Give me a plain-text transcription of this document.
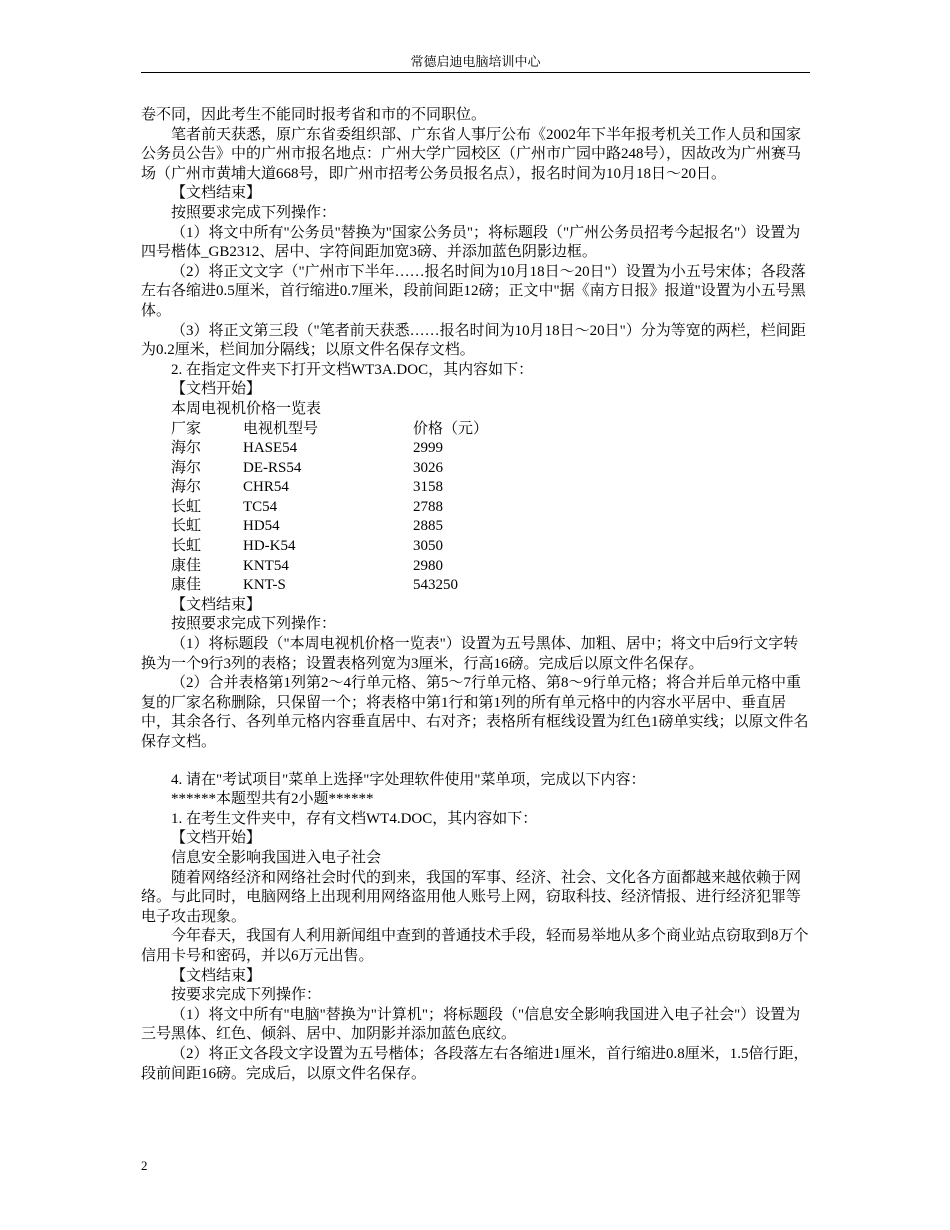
常德启迪电脑培训中心

卷不同，因此考生不能同时报考省和市的不同职位。

笔者前天获悉，原广东省委组织部、广东省人事厅公布《2002年下半年报考机关工作人员和国家公务员公告》中的广州市报名地点：广州大学广园校区（广州市广园中路248号），因故改为广州赛马场（广州市黄埔大道668号，即广州市招考公务员报名点），报名时间为10月18日～20日。

【文档结束】

按照要求完成下列操作：

（1）将文中所有"公务员"替换为"国家公务员"；将标题段（"广州公务员招考今起报名"）设置为四号楷体_GB2312、居中、字符间距加宽3磅、并添加蓝色阴影边框。

（2）将正文文字（"广州市下半年……报名时间为10月18日～20日"）设置为小五号宋体；各段落左右各缩进0.5厘米，首行缩进0.7厘米，段前间距12磅；正文中"据《南方日报》报道"设置为小五号黑体。

（3）将正文第三段（"笔者前天获悉……报名时间为10月18日～20日"）分为等宽的两栏，栏间距为0.2厘米，栏间加分隔线；以原文件名保存文档。

2. 在指定文件夹下打开文档WT3A.DOC，其内容如下：

【文档开始】

本周电视机价格一览表

厂家	电视机型号	价格（元）
海尔	HASE54	2999
海尔	DE-RS54	3026
海尔	CHR54	3158
长虹	TC54	2788
长虹	HD54	2885
长虹	HD-K54	3050
康佳	KNT54	2980
康佳	KNT-S	543250

【文档结束】

按照要求完成下列操作：

（1）将标题段（"本周电视机价格一览表"）设置为五号黑体、加粗、居中；将文中后9行文字转换为一个9行3列的表格；设置表格列宽为3厘米，行高16磅。完成后以原文件名保存。

（2）合并表格第1列第2～4行单元格、第5～7行单元格、第8～9行单元格；将合并后单元格中重复的厂家名称删除，只保留一个；将表格中第1行和第1列的所有单元格中的内容水平居中、垂直居中，其余各行、各列单元格内容垂直居中、右对齐；表格所有框线设置为红色1磅单实线；以原文件名保存文档。

4. 请在"考试项目"菜单上选择"字处理软件使用"菜单项，完成以下内容：

******本题型共有2小题******

1. 在考生文件夹中，存有文档WT4.DOC，其内容如下：

【文档开始】

信息安全影响我国进入电子社会

随着网络经济和网络社会时代的到来，我国的军事、经济、社会、文化各方面都越来越依赖于网络。与此同时，电脑网络上出现利用网络盗用他人账号上网，窃取科技、经济情报、进行经济犯罪等电子攻击现象。

今年春天，我国有人利用新闻组中查到的普通技术手段，轻而易举地从多个商业站点窃取到8万个信用卡号和密码，并以6万元出售。

【文档结束】

按要求完成下列操作：

（1）将文中所有"电脑"替换为"计算机"；将标题段（"信息安全影响我国进入电子社会"）设置为三号黑体、红色、倾斜、居中、加阴影并添加蓝色底纹。

（2）将正文各段文字设置为五号楷体；各段落左右各缩进1厘米，首行缩进0.8厘米，1.5倍行距，段前间距16磅。完成后，以原文件名保存。

2
